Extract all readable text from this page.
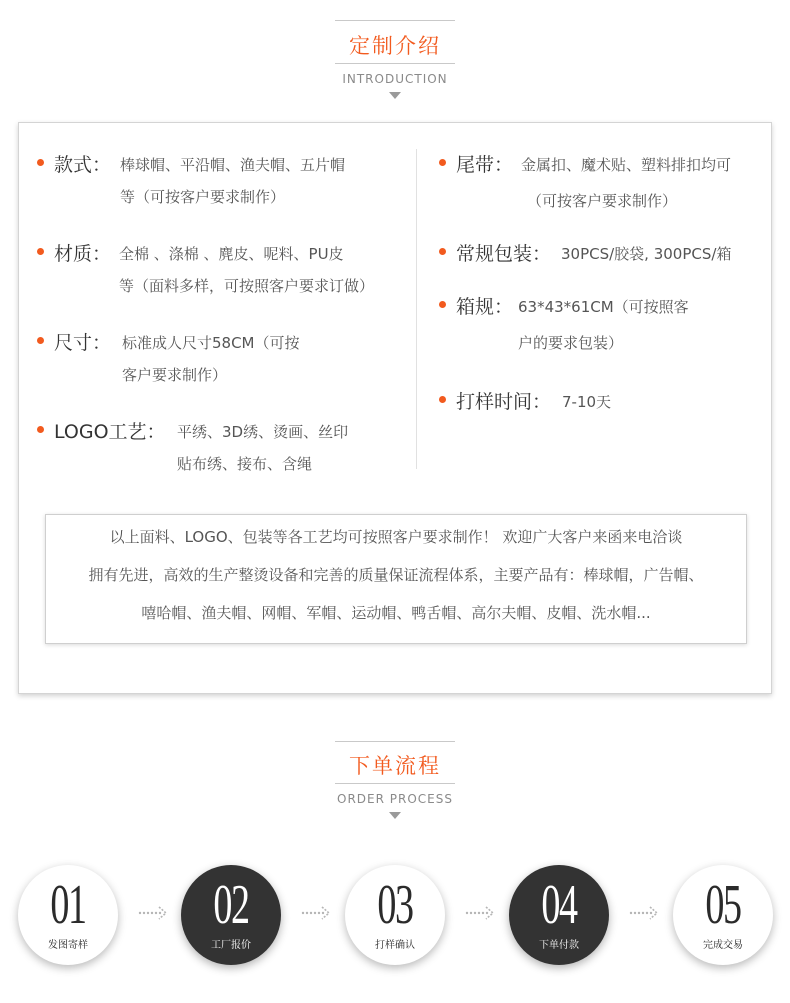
定制介绍
INTRODUCTION
款式： 棒球帽、平沿帽、渔夫帽、五片帽
等（可按客户要求制作）
材质： 全棉 、涤棉 、麂皮、呢料、PU皮
等（面料多样，可按照客户要求订做）
尺寸： 标准成人尺寸58CM（可按
客户要求制作）
LOGO工艺： 平绣、3D绣、烫画、丝印
贴布绣、接布、含绳
尾带： 金属扣、魔术贴、塑料排扣均可
（可按客户要求制作）
常规包装： 30PCS/胶袋, 300PCS/箱
箱规： 63*43*61CM（可按照客
户的要求包装）
打样时间： 7-10天

以上面料、LOGO、包装等各工艺均可按照客户要求制作！ 欢迎广大客户来函来电洽谈

拥有先进，高效的生产整烫设备和完善的质量保证流程体系，主要产品有：棒球帽，广告帽、

嘻哈帽、渔夫帽、网帽、军帽、运动帽、鸭舌帽、高尔夫帽、皮帽、洗水帽...

下单流程
ORDER PROCESS
01
发图寄样
02
工厂报价
03
打样确认
04
下单付款
05
完成交易
